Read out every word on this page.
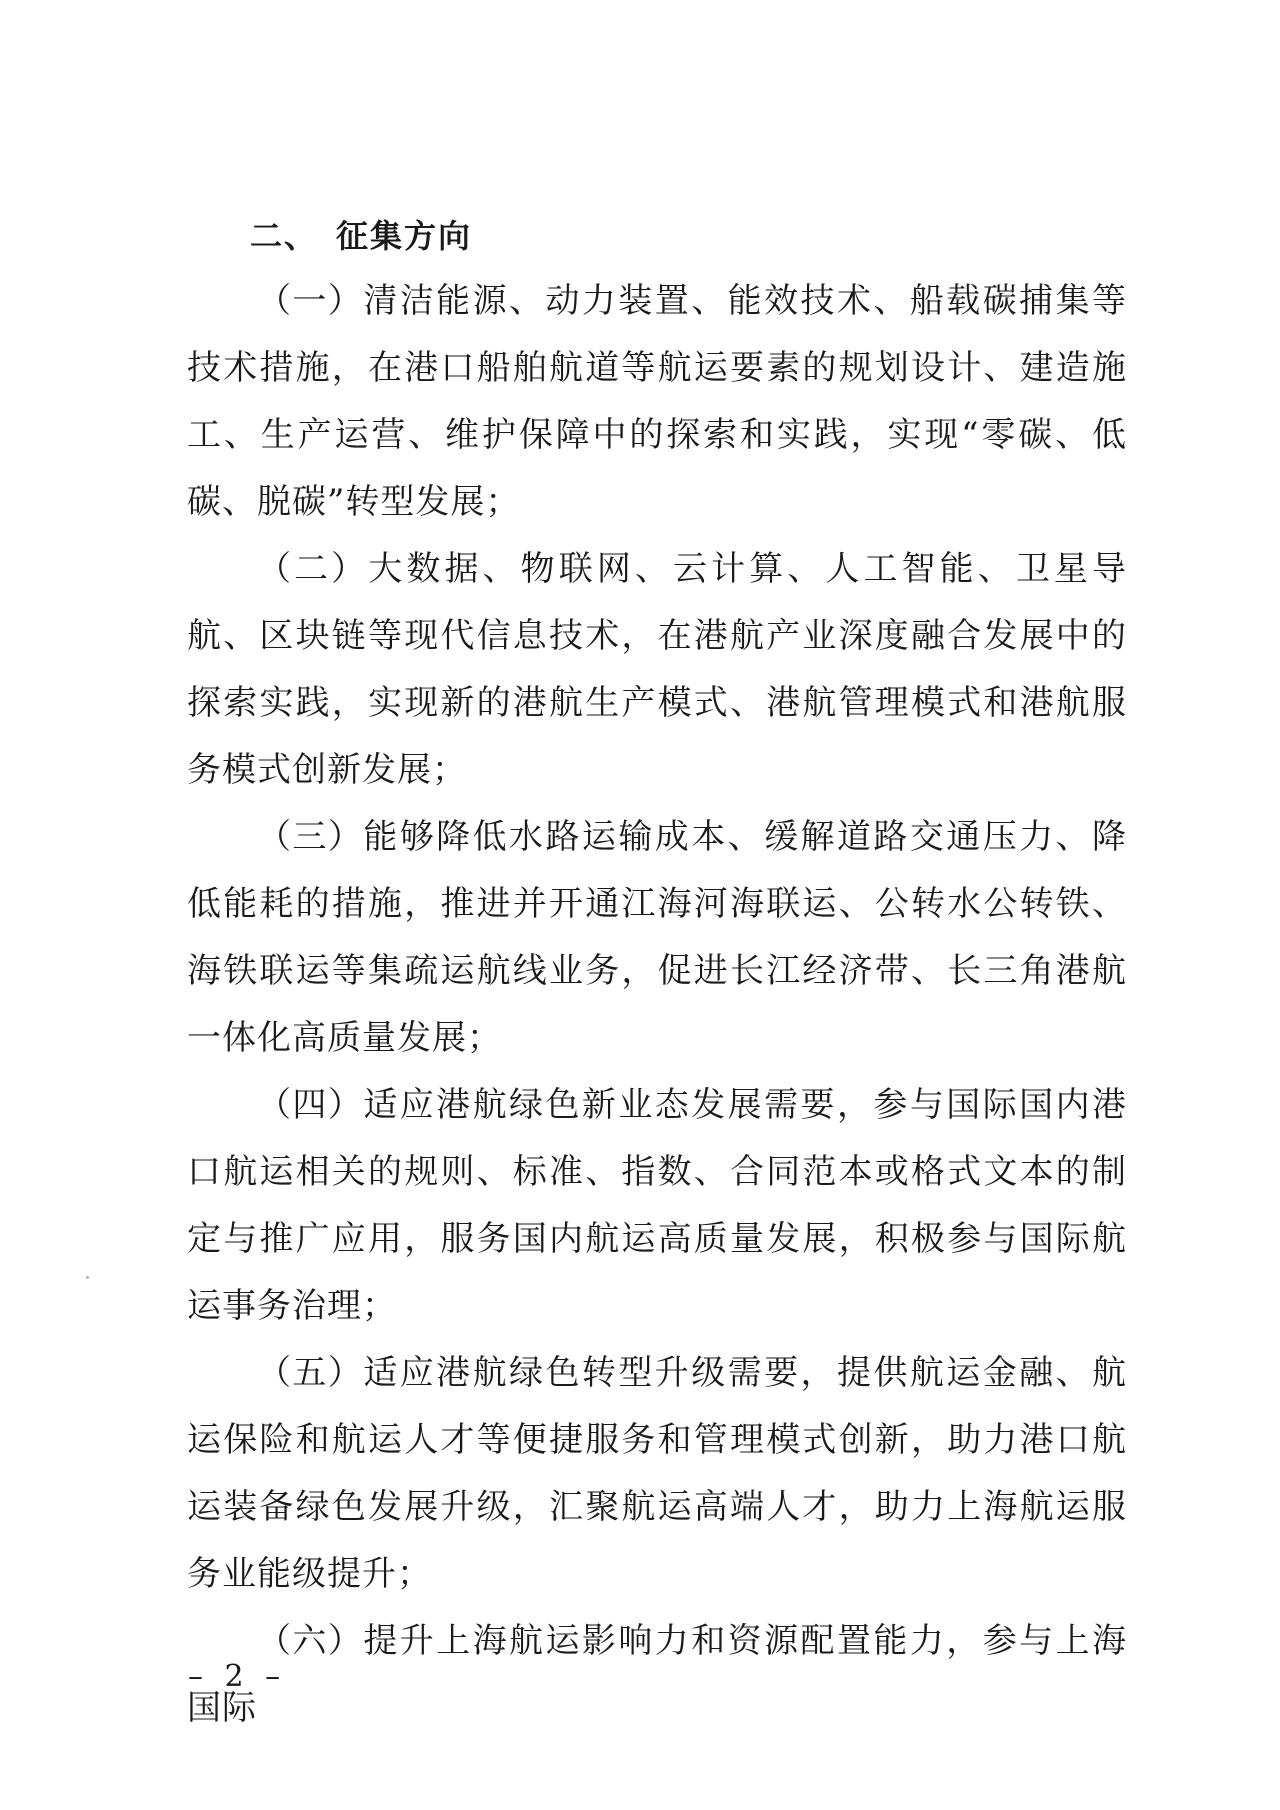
二、 征集方向

（一）清洁能源、动力装置、能效技术、船载碳捕集等技术措施，在港口船舶航道等航运要素的规划设计、建造施工、生产运营、维护保障中的探索和实践，实现“零碳、低碳、脱碳”转型发展；

（二）大数据、物联网、云计算、人工智能、卫星导航、区块链等现代信息技术，在港航产业深度融合发展中的探索实践，实现新的港航生产模式、港航管理模式和港航服务模式创新发展；

（三）能够降低水路运输成本、缓解道路交通压力、降低能耗的措施，推进并开通江海河海联运、公转水公转铁、海铁联运等集疏运航线业务，促进长江经济带、长三角港航一体化高质量发展；

（四）适应港航绿色新业态发展需要，参与国际国内港口航运相关的规则、标准、指数、合同范本或格式文本的制定与推广应用，服务国内航运高质量发展，积极参与国际航运事务治理；

（五）适应港航绿色转型升级需要，提供航运金融、航运保险和航运人才等便捷服务和管理模式创新，助力港口航运装备绿色发展升级，汇聚航运高端人才，助力上海航运服务业能级提升；

（六）提升上海航运影响力和资源配置能力，参与上海国际

– 2 –
